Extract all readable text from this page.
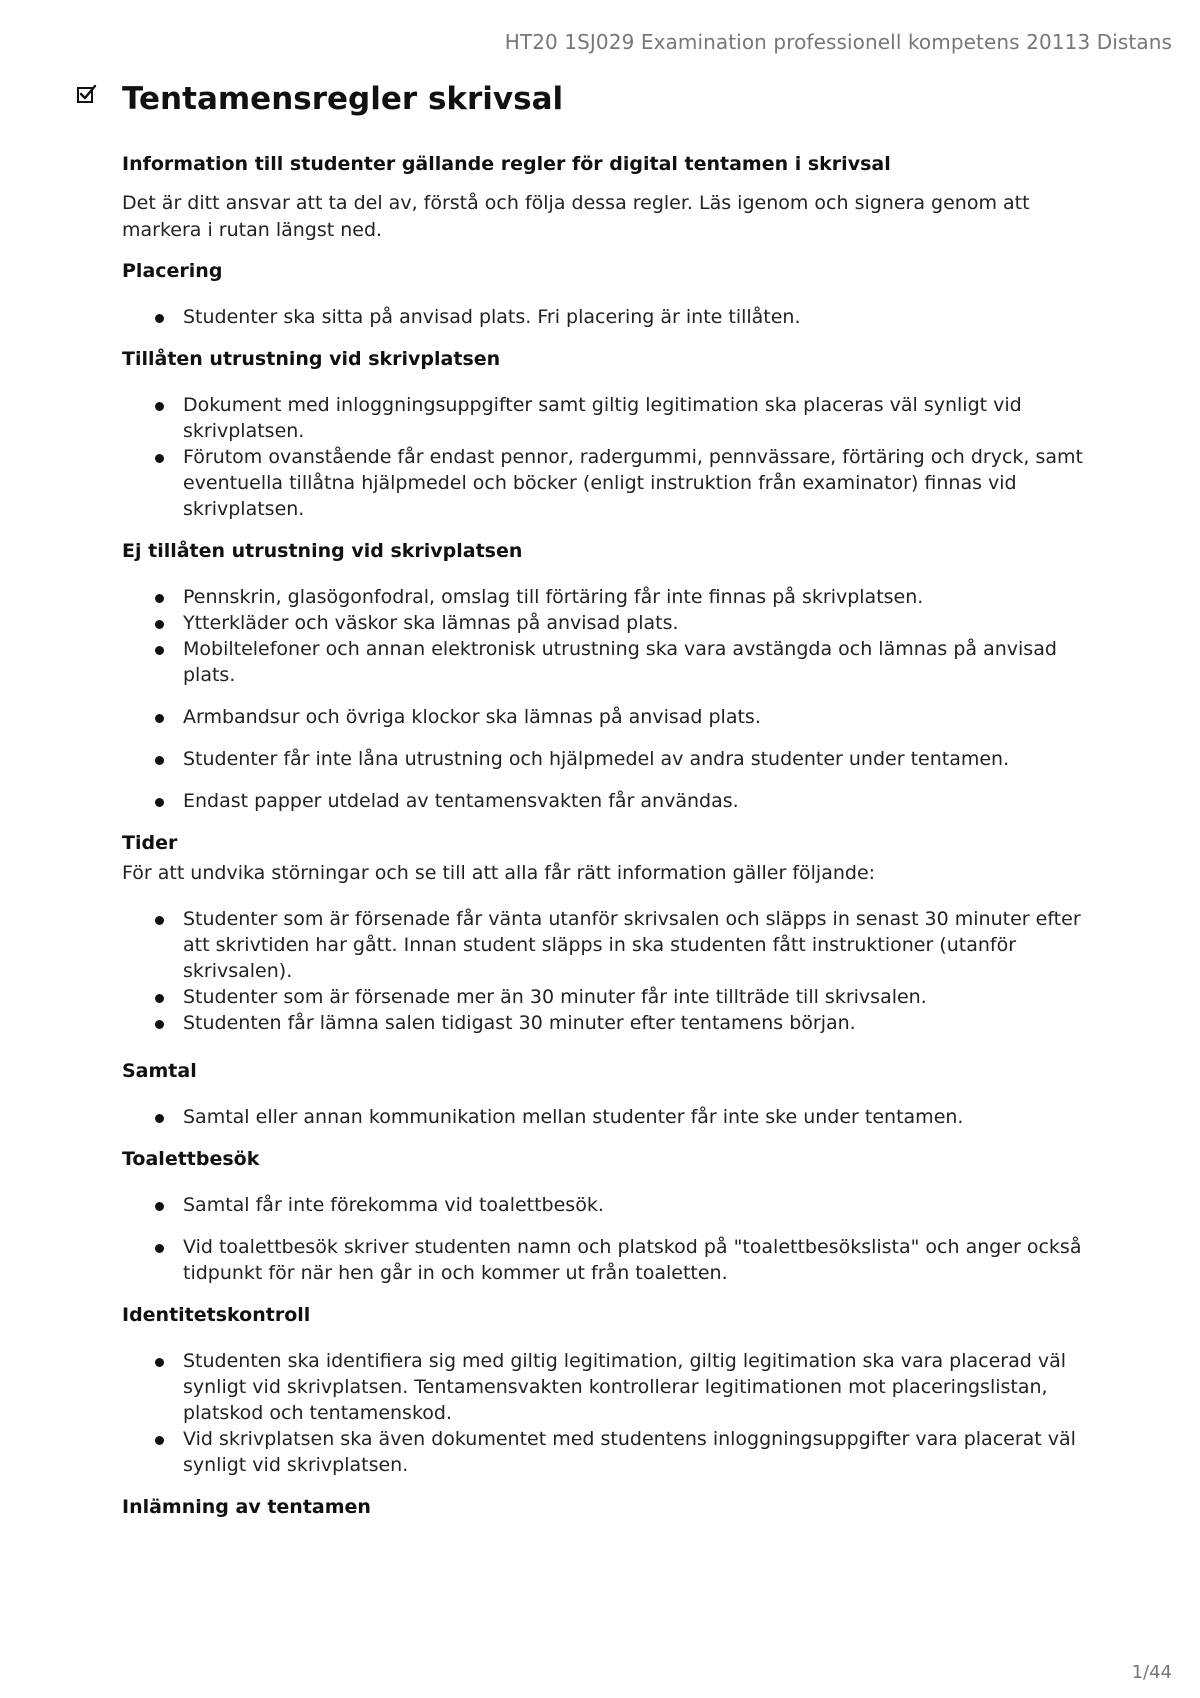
HT20 1SJ029 Examination professionell kompetens 20113 Distans
Tentamensregler skrivsal

Information till studenter gällande regler för digital tentamen i skrivsal

Det är ditt ansvar att ta del av, förstå och följa dessa regler. Läs igenom och signera genom att markera i rutan längst ned.

Placering

Studenter ska sitta på anvisad plats. Fri placering är inte tillåten.

Tillåten utrustning vid skrivplatsen

Dokument med inloggningsuppgifter samt giltig legitimation ska placeras väl synligt vid skrivplatsen.
Förutom ovanstående får endast pennor, radergummi, pennvässare, förtäring och dryck, samt eventuella tillåtna hjälpmedel och böcker (enligt instruktion från examinator) finnas vid skrivplatsen.

Ej tillåten utrustning vid skrivplatsen

Pennskrin, glasögonfodral, omslag till förtäring får inte finnas på skrivplatsen.
Ytterkläder och väskor ska lämnas på anvisad plats.
Mobiltelefoner och annan elektronisk utrustning ska vara avstängda och lämnas på anvisad plats.
Armbandsur och övriga klockor ska lämnas på anvisad plats.
Studenter får inte låna utrustning och hjälpmedel av andra studenter under tentamen.
Endast papper utdelad av tentamensvakten får användas.

Tider

För att undvika störningar och se till att alla får rätt information gäller följande:

Studenter som är försenade får vänta utanför skrivsalen och släpps in senast 30 minuter efter att skrivtiden har gått. Innan student släpps in ska studenten fått instruktioner (utanför skrivsalen).
Studenter som är försenade mer än 30 minuter får inte tillträde till skrivsalen.
Studenten får lämna salen tidigast 30 minuter efter tentamens början.

Samtal

Samtal eller annan kommunikation mellan studenter får inte ske under tentamen.

Toalettbesök

Samtal får inte förekomma vid toalettbesök.
Vid toalettbesök skriver studenten namn och platskod på "toalettbesökslista" och anger också tidpunkt för när hen går in och kommer ut från toaletten.

Identitetskontroll

Studenten ska identifiera sig med giltig legitimation, giltig legitimation ska vara placerad väl synligt vid skrivplatsen. Tentamensvakten kontrollerar legitimationen mot placeringslistan, platskod och tentamenskod.
Vid skrivplatsen ska även dokumentet med studentens inloggningsuppgifter vara placerat väl synligt vid skrivplatsen.

Inlämning av tentamen

1/44
